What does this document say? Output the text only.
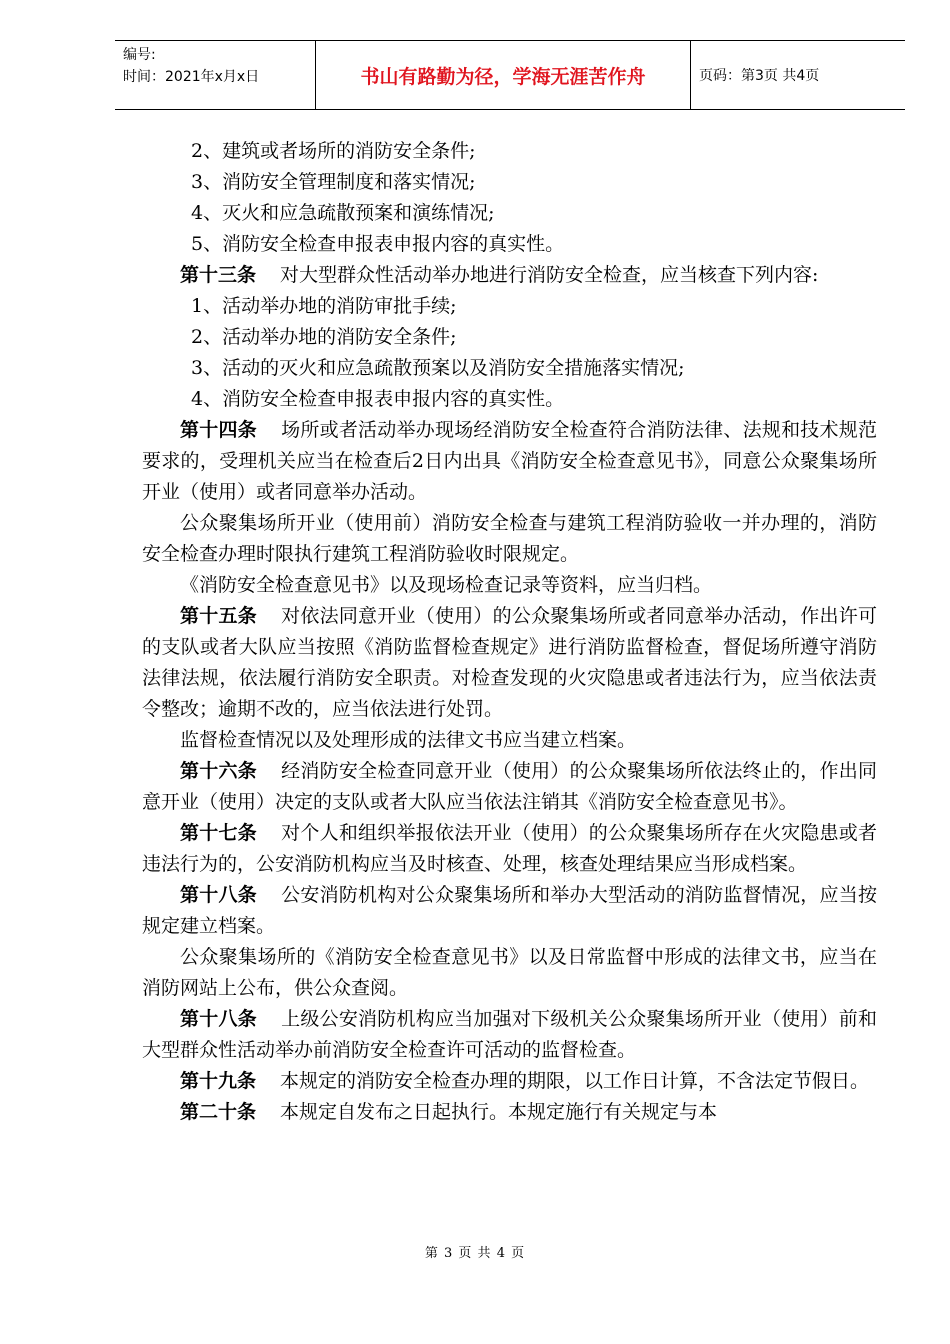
编号:
时间：2021年x月x日	书山有路勤为径，学海无涯苦作舟	页码：第3页 共4页

2、建筑或者场所的消防安全条件;

3、消防安全管理制度和落实情况;

4、灭火和应急疏散预案和演练情况;

5、消防安全检查申报表申报内容的真实性。

第十三条 对大型群众性活动举办地进行消防安全检查，应当核查下列内容:

1、活动举办地的消防审批手续;

2、活动举办地的消防安全条件;

3、活动的灭火和应急疏散预案以及消防安全措施落实情况;

4、消防安全检查申报表申报内容的真实性。

第十四条 场所或者活动举办现场经消防安全检查符合消防法律、法规和技术规范要求的，受理机关应当在检查后2日内出具《消防安全检查意见书》，同意公众聚集场所开业（使用）或者同意举办活动。

公众聚集场所开业（使用前）消防安全检查与建筑工程消防验收一并办理的，消防安全检查办理时限执行建筑工程消防验收时限规定。

《消防安全检查意见书》以及现场检查记录等资料，应当归档。

第十五条 对依法同意开业（使用）的公众聚集场所或者同意举办活动，作出许可的支队或者大队应当按照《消防监督检查规定》进行消防监督检查，督促场所遵守消防法律法规，依法履行消防安全职责。对检查发现的火灾隐患或者违法行为，应当依法责令整改；逾期不改的，应当依法进行处罚。

监督检查情况以及处理形成的法律文书应当建立档案。

第十六条 经消防安全检查同意开业（使用）的公众聚集场所依法终止的，作出同意开业（使用）决定的支队或者大队应当依法注销其《消防安全检查意见书》。

第十七条 对个人和组织举报依法开业（使用）的公众聚集场所存在火灾隐患或者违法行为的，公安消防机构应当及时核查、处理，核查处理结果应当形成档案。

第十八条 公安消防机构对公众聚集场所和举办大型活动的消防监督情况，应当按规定建立档案。

公众聚集场所的《消防安全检查意见书》以及日常监督中形成的法律文书，应当在消防网站上公布，供公众查阅。

第十八条 上级公安消防机构应当加强对下级机关公众聚集场所开业（使用）前和大型群众性活动举办前消防安全检查许可活动的监督检查。

第十九条 本规定的消防安全检查办理的期限，以工作日计算，不含法定节假日。

第二十条 本规定自发布之日起执行。本规定施行有关规定与本

第 3 页 共 4 页
